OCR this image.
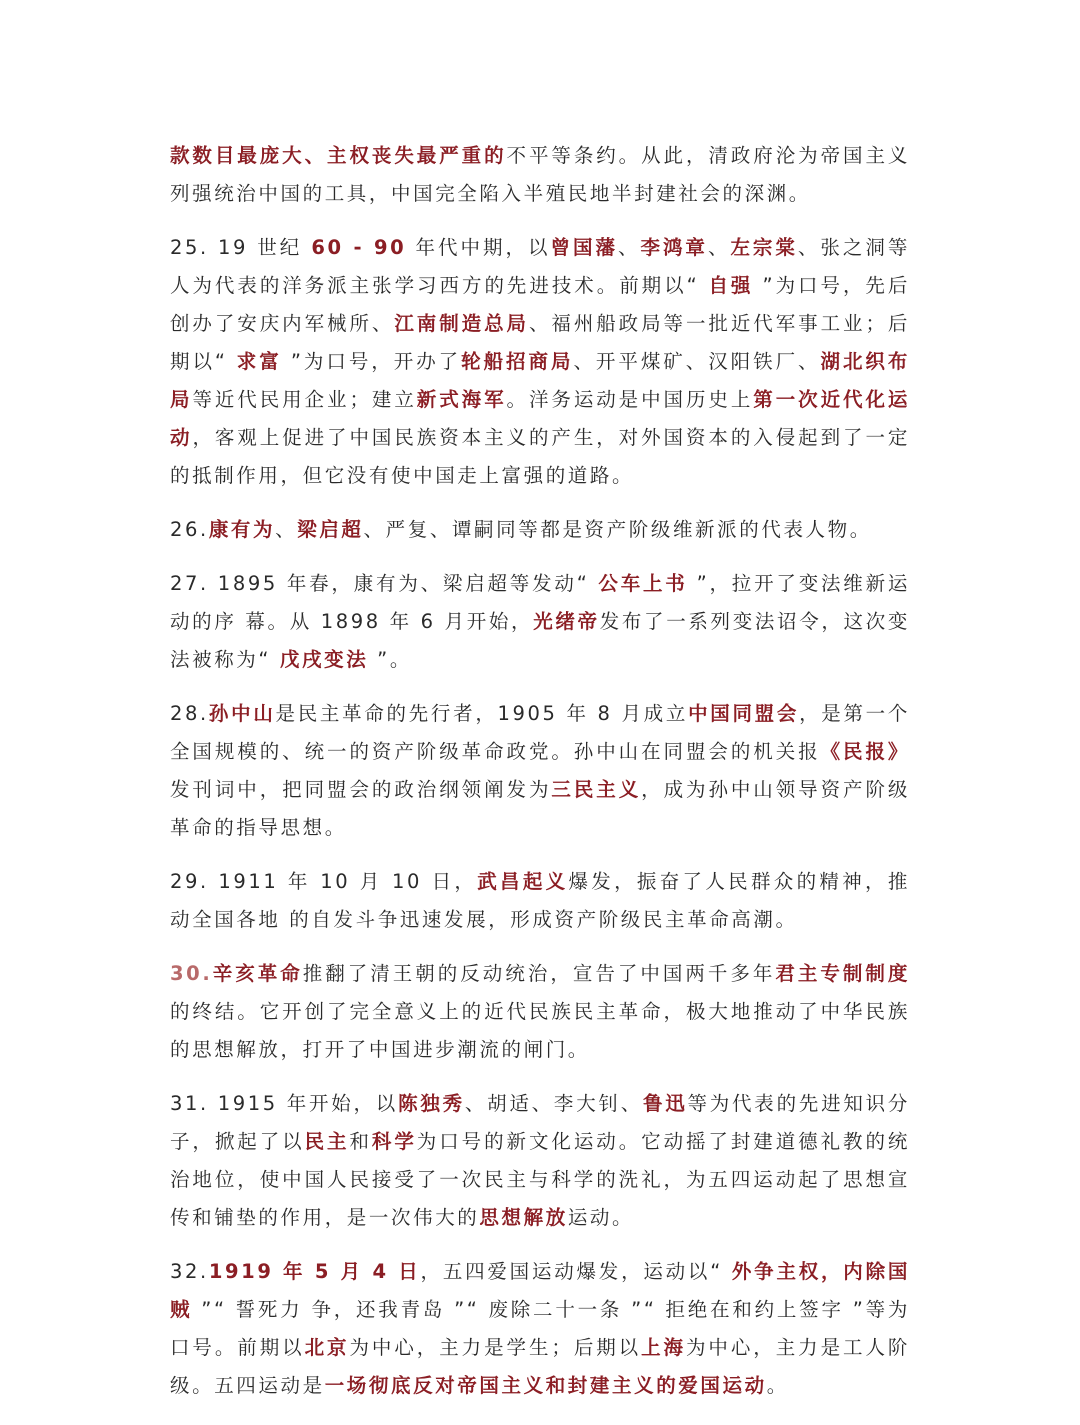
款数目最庞大、主权丧失最严重的不平等条约。从此，清政府沦为帝国主义列强统治中国的工具，中国完全陷入半殖民地半封建社会的深渊。

25. 19 世纪 60 - 90 年代中期，以曾国藩、李鸿章、左宗棠、张之洞等人为代表的洋务派主张学习西方的先进技术。前期以“ 自强 ”为口号，先后创办了安庆内军械所、江南制造总局、福州船政局等一批近代军事工业；后期以“ 求富 ”为口号，开办了轮船招商局、开平煤矿、汉阳铁厂、湖北织布局等近代民用企业；建立新式海军。洋务运动是中国历史上第一次近代化运动，客观上促进了中国民族资本主义的产生，对外国资本的入侵起到了一定的抵制作用，但它没有使中国走上富强的道路。

26.康有为、梁启超、严复、谭嗣同等都是资产阶级维新派的代表人物。

27. 1895 年春，康有为、梁启超等发动“ 公车上书 ”，拉开了变法维新运动的序 幕。从 1898 年 6 月开始，光绪帝发布了一系列变法诏令，这次变法被称为“ 戊戌变法 ”。

28.孙中山是民主革命的先行者，1905 年 8 月成立中国同盟会，是第一个全国规模的、统一的资产阶级革命政党。孙中山在同盟会的机关报《民报》发刊词中，把同盟会的政治纲领阐发为三民主义，成为孙中山领导资产阶级革命的指导思想。

29. 1911 年 10 月 10 日，武昌起义爆发，振奋了人民群众的精神，推动全国各地 的自发斗争迅速发展，形成资产阶级民主革命高潮。

30.辛亥革命推翻了清王朝的反动统治，宣告了中国两千多年君主专制制度的终结。它开创了完全意义上的近代民族民主革命，极大地推动了中华民族的思想解放，打开了中国进步潮流的闸门。

31. 1915 年开始，以陈独秀、胡适、李大钊、鲁迅等为代表的先进知识分子，掀起了以民主和科学为口号的新文化运动。它动摇了封建道德礼教的统治地位，使中国人民接受了一次民主与科学的洗礼，为五四运动起了思想宣传和铺垫的作用，是一次伟大的思想解放运动。

32.1919 年 5 月 4 日，五四爱国运动爆发，运动以“ 外争主权，内除国贼 ”“ 誓死力 争，还我青岛 ”“ 废除二十一条 ”“ 拒绝在和约上签字 ”等为口号。前期以北京为中心，主力是学生；后期以上海为中心，主力是工人阶级。五四运动是一场彻底反对帝国主义和封建主义的爱国运动。
